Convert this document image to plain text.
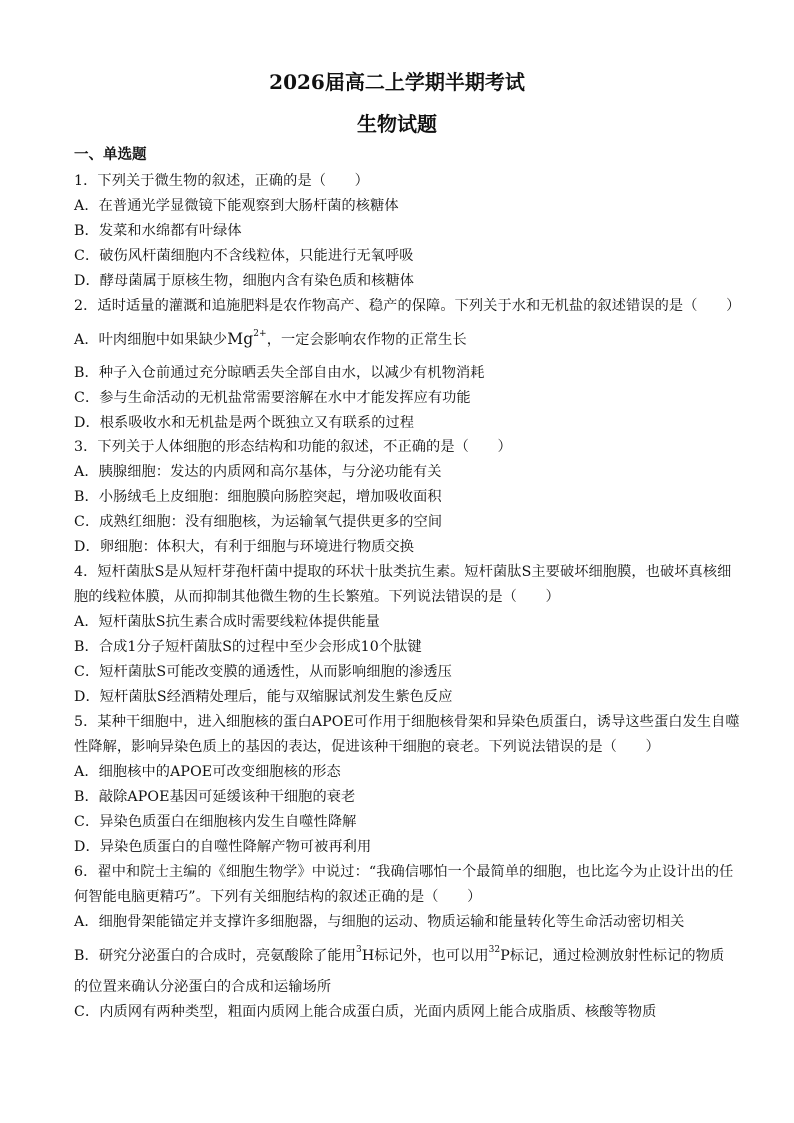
2026届高二上学期半期考试
生物试题
一、单选题
1．下列关于微生物的叙述，正确的是（　　）
A．在普通光学显微镜下能观察到大肠杆菌的核糖体
B．发菜和水绵都有叶绿体
C．破伤风杆菌细胞内不含线粒体，只能进行无氧呼吸
D．酵母菌属于原核生物，细胞内含有染色质和核糖体
2．适时适量的灌溉和追施肥料是农作物高产、稳产的保障。下列关于水和无机盐的叙述错误的是（　　）
A．叶肉细胞中如果缺少$Mg^{2+}$，一定会影响农作物的正常生长
B．种子入仓前通过充分晾晒丢失全部自由水，以减少有机物消耗
C．参与生命活动的无机盐常需要溶解在水中才能发挥应有功能
D．根系吸收水和无机盐是两个既独立又有联系的过程
3．下列关于人体细胞的形态结构和功能的叙述，不正确的是（　　）
A．胰腺细胞：发达的内质网和高尔基体，与分泌功能有关
B．小肠绒毛上皮细胞：细胞膜向肠腔突起，增加吸收面积
C．成熟红细胞：没有细胞核，为运输氧气提供更多的空间
D．卵细胞：体积大，有利于细胞与环境进行物质交换
4．短杆菌肽S是从短杆芽孢杆菌中提取的环状十肽类抗生素。短杆菌肽S主要破坏细胞膜，也破坏真核细
胞的线粒体膜，从而抑制其他微生物的生长繁殖。下列说法错误的是（　　）
A．短杆菌肽S抗生素合成时需要线粒体提供能量
B．合成1分子短杆菌肽S的过程中至少会形成10个肽键
C．短杆菌肽S可能改变膜的通透性，从而影响细胞的渗透压
D．短杆菌肽S经酒精处理后，能与双缩脲试剂发生紫色反应
5．某种干细胞中，进入细胞核的蛋白APOE可作用于细胞核骨架和异染色质蛋白，诱导这些蛋白发生自噬
性降解，影响异染色质上的基因的表达，促进该种干细胞的衰老。下列说法错误的是（　　）
A．细胞核中的APOE可改变细胞核的形态
B．敲除APOE基因可延缓该种干细胞的衰老
C．异染色质蛋白在细胞核内发生自噬性降解
D．异染色质蛋白的自噬性降解产物可被再利用
6．翟中和院士主编的《细胞生物学》中说过：“我确信哪怕一个最简单的细胞，也比迄今为止设计出的任
何智能电脑更精巧”。下列有关细胞结构的叙述正确的是（　　）
A．细胞骨架能锚定并支撑许多细胞器，与细胞的运动、物质运输和能量转化等生命活动密切相关
B．研究分泌蛋白的合成时，亮氨酸除了能用$^3$H标记外，也可以用$^{32}$P标记，通过检测放射性标记的物质
的位置来确认分泌蛋白的合成和运输场所
C．内质网有两种类型，粗面内质网上能合成蛋白质，光面内质网上能合成脂质、核酸等物质
